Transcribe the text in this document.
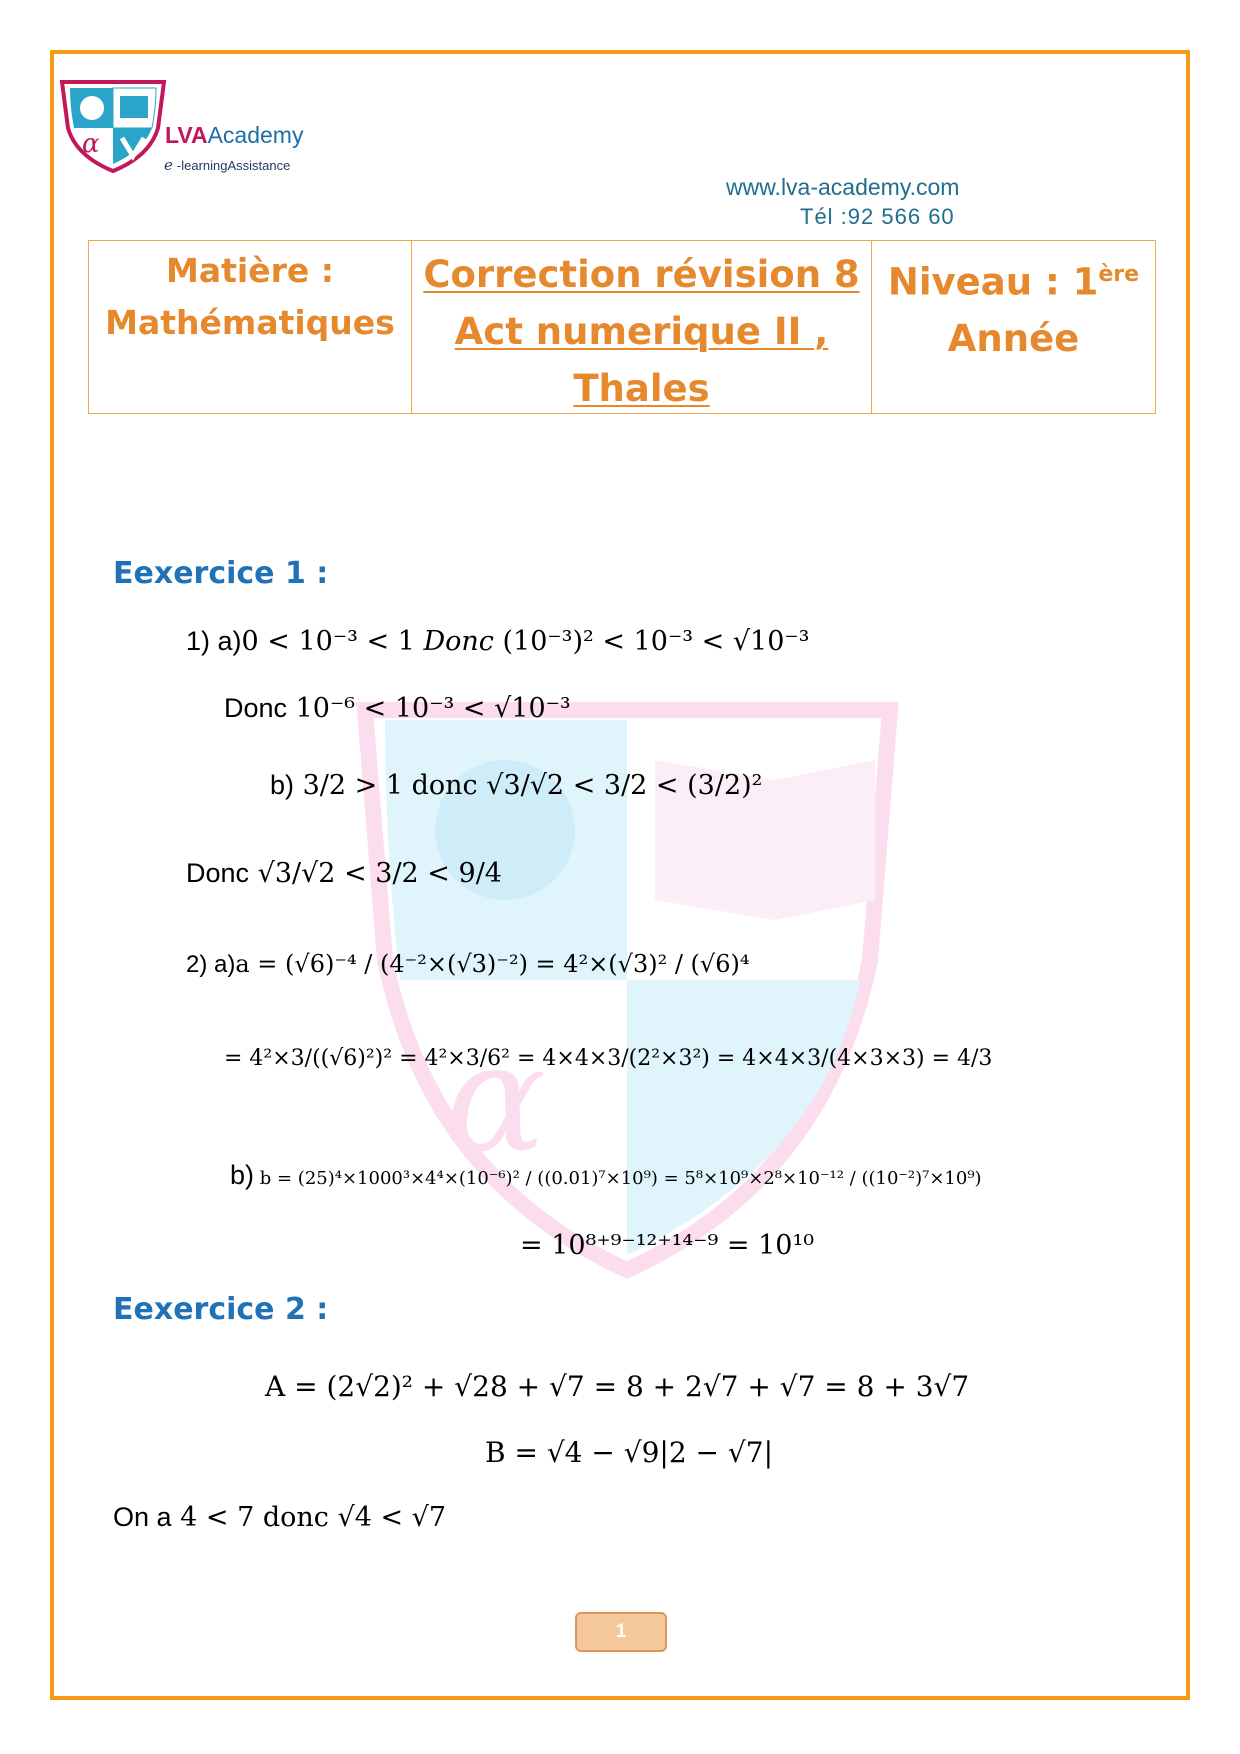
α	LVAAcademy
e -learningAssistance
www.lva-academy.com
Tél :92 566 60
Matière :
Mathématiques
Correction révision 8
Act numerique II ,
Thales
Niveau : 1ère
Année
α
Eexercice 1 :
1) a)0 < 10⁻³ < 1 Donc (10⁻³)² < 10⁻³ < √10⁻³
Donc 10⁻⁶ < 10⁻³ < √10⁻³
b) 3/2 > 1 donc √3/√2 < 3/2 < (3/2)²
Donc √3/√2 < 3/2 < 9/4
2) a)a = (√6)⁻⁴ / (4⁻²×(√3)⁻²) = 4²×(√3)² / (√6)⁴
= 4²×3/((√6)²)² = 4²×3/6² = 4×4×3/(2²×3²) = 4×4×3/(4×3×3) = 4/3
b) b = (25)⁴×1000³×4⁴×(10⁻⁶)² / ((0.01)⁷×10⁹) = 5⁸×10⁹×2⁸×10⁻¹² / ((10⁻²)⁷×10⁹)
= 10⁸⁺⁹⁻¹²⁺¹⁴⁻⁹ = 10¹⁰
Eexercice 2 :
A = (2√2)² + √28 + √7 = 8 + 2√7 + √7 = 8 + 3√7
B = √4 − √9|2 − √7|
On a 4 < 7 donc √4 < √7
1
